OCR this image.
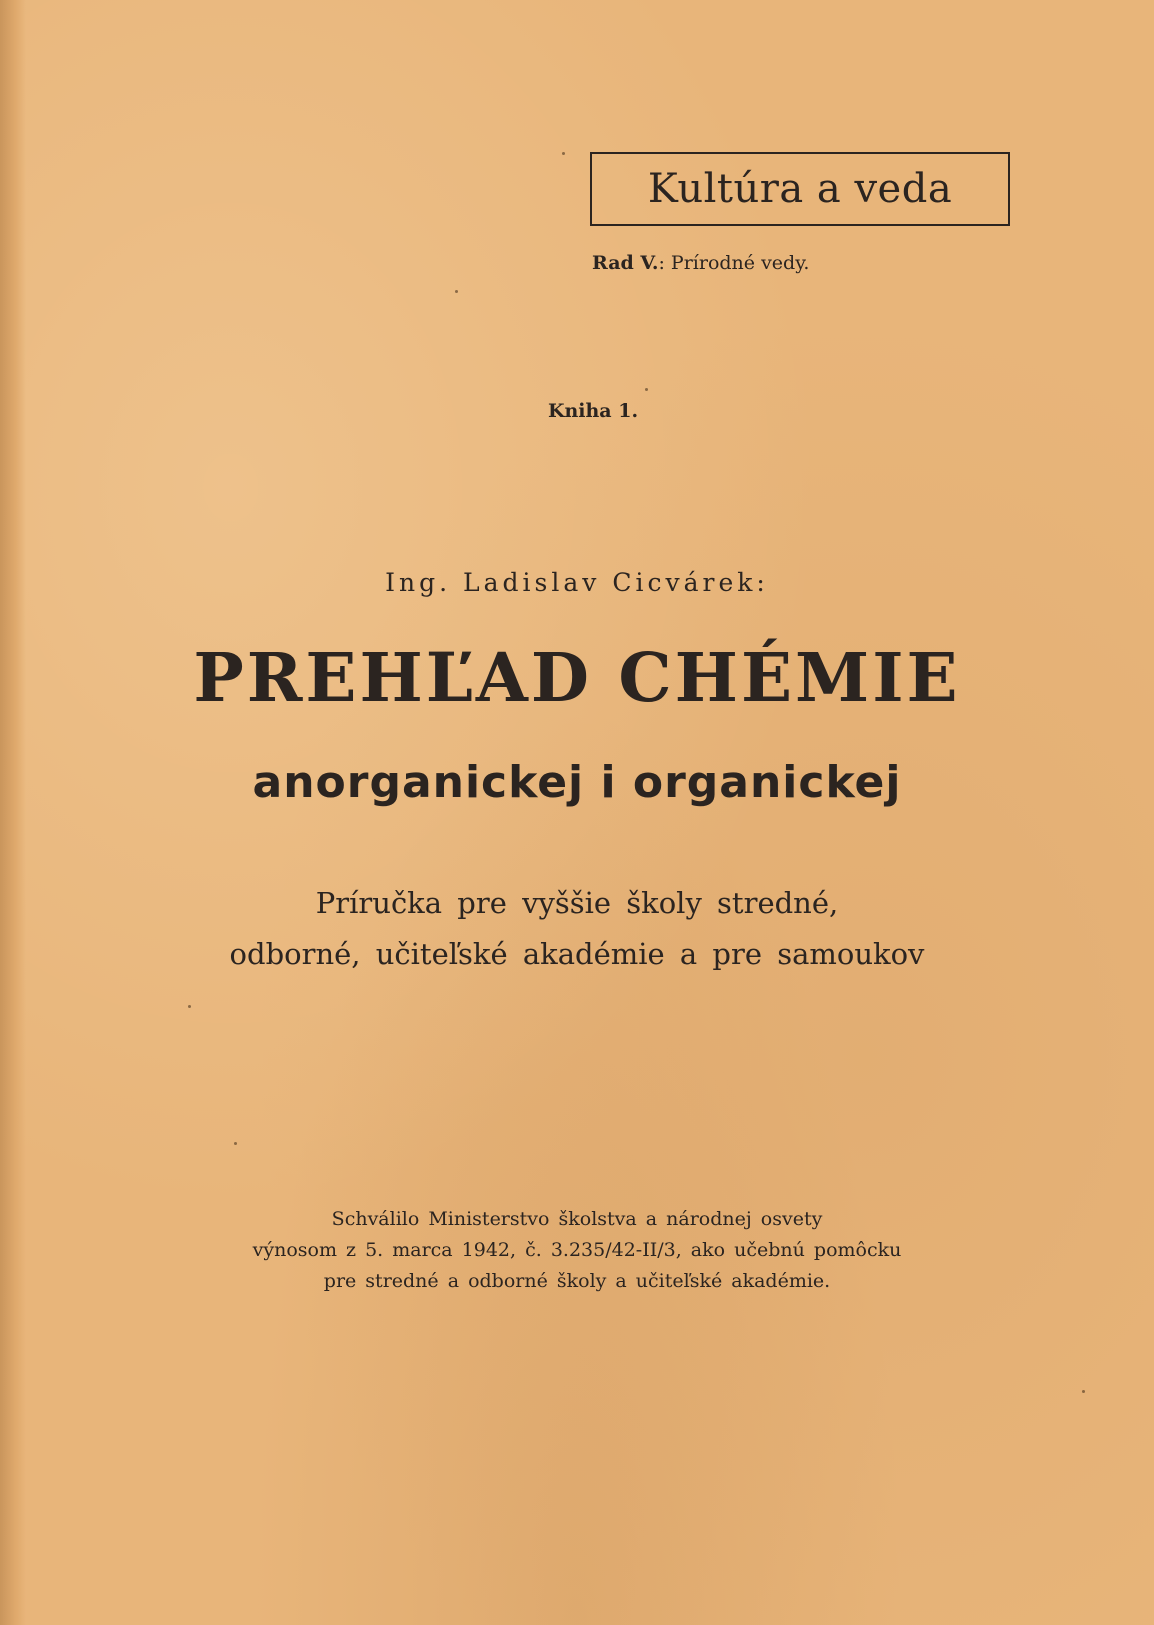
Kultúra a veda
Rad V.: Prírodné vedy.
Kniha 1.
Ing. Ladislav Cicvárek:
PREHĽAD CHÉMIE
anorganickej i organickej
Príručka pre vyššie školy stredné,
odborné, učiteľské akadémie a pre samoukov
Schválilo Ministerstvo školstva a národnej osvety
výnosom z 5. marca 1942, č. 3.235/42-II/3, ako učebnú pomôcku
pre stredné a odborné školy a učiteľské akadémie.
